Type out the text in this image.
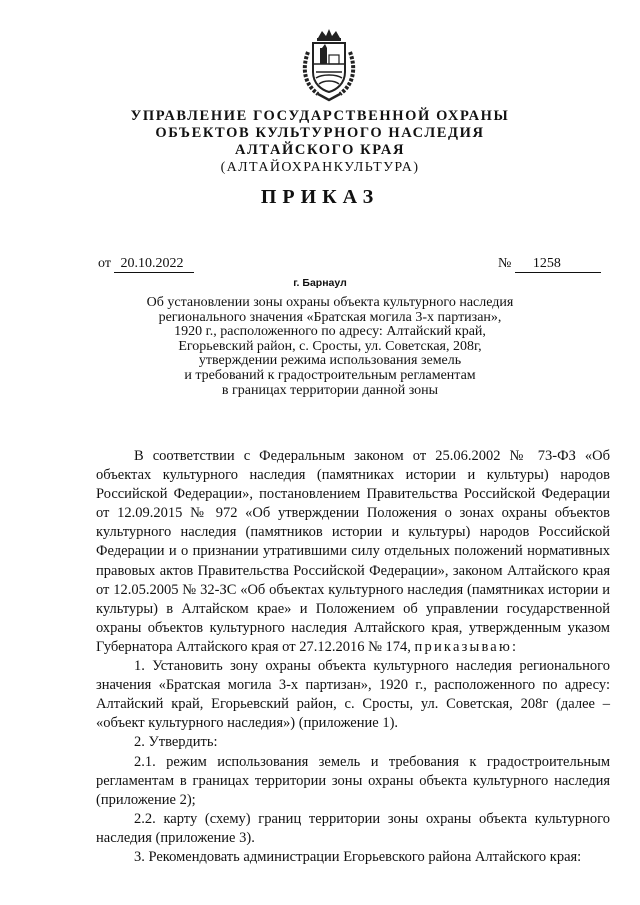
УПРАВЛЕНИЕ ГОСУДАРСТВЕННОЙ ОХРАНЫ
ОБЪЕКТОВ КУЛЬТУРНОГО НАСЛЕДИЯ
АЛТАЙСКОГО КРАЯ
(АЛТАЙОХРАНКУЛЬТУРА)
ПРИКАЗ
от 20.10.2022	№ 1258
г. Барнаул
Об установлении зоны охраны объекта культурного наследия
регионального значения «Братская могила 3-х партизан»,
1920 г., расположенного по адресу: Алтайский край,
Егорьевский район, с. Сросты, ул. Советская, 208г,
утверждении режима использования земель
и требований к градостроительным регламентам
в границах территории данной зоны

В соответствии с Федеральным законом от 25.06.2002 № 73-ФЗ «Об объектах культурного наследия (памятниках истории и культуры) народов Российской Федерации», постановлением Правительства Российской Федерации от 12.09.2015 № 972 «Об утверждении Положения о зонах охраны объектов культурного наследия (памятников истории и культуры) народов Российской Федерации и о признании утратившими силу отдельных положений нормативных правовых актов Правительства Российской Федерации», законом Алтайского края от 12.05.2005 № 32-ЗС «Об объектах культурного наследия (памятниках истории и культуры) в Алтайском крае» и Положением об управлении государственной охраны объектов культурного наследия Алтайского края, утвержденным указом Губернатора Алтайского края от 27.12.2016 № 174, приказываю:

1. Установить зону охраны объекта культурного наследия регионального значения «Братская могила 3-х партизан», 1920 г., расположенного по адресу: Алтайский край, Егорьевский район, с. Сросты, ул. Советская, 208г (далее – «объект культурного наследия») (приложение 1).

2. Утвердить:

2.1. режим использования земель и требования к градостроительным регламентам в границах территории зоны охраны объекта культурного наследия (приложение 2);

2.2. карту (схему) границ территории зоны охраны объекта культурного наследия (приложение 3).

3. Рекомендовать администрации Егорьевского района Алтайского края:
